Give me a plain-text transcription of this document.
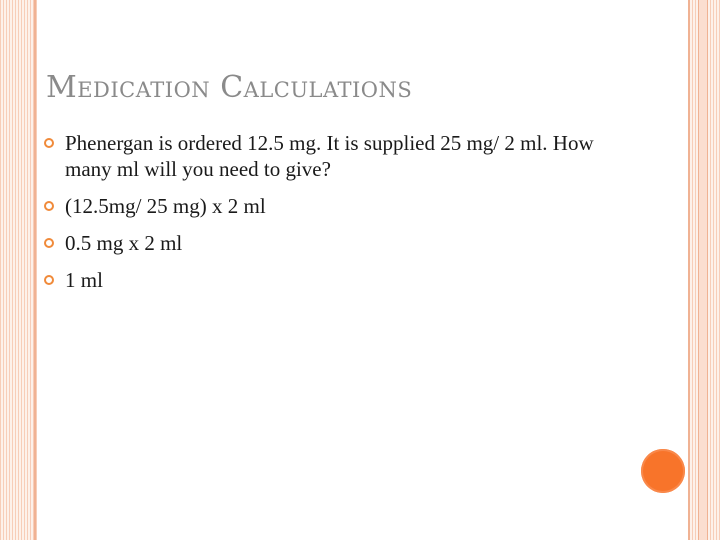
Medication Calculations
Phenergan is ordered 12.5 mg. It is supplied 25 mg/ 2 ml. How many ml will you need to give?
(12.5mg/ 25 mg) x 2 ml
0.5 mg x 2 ml
1 ml
